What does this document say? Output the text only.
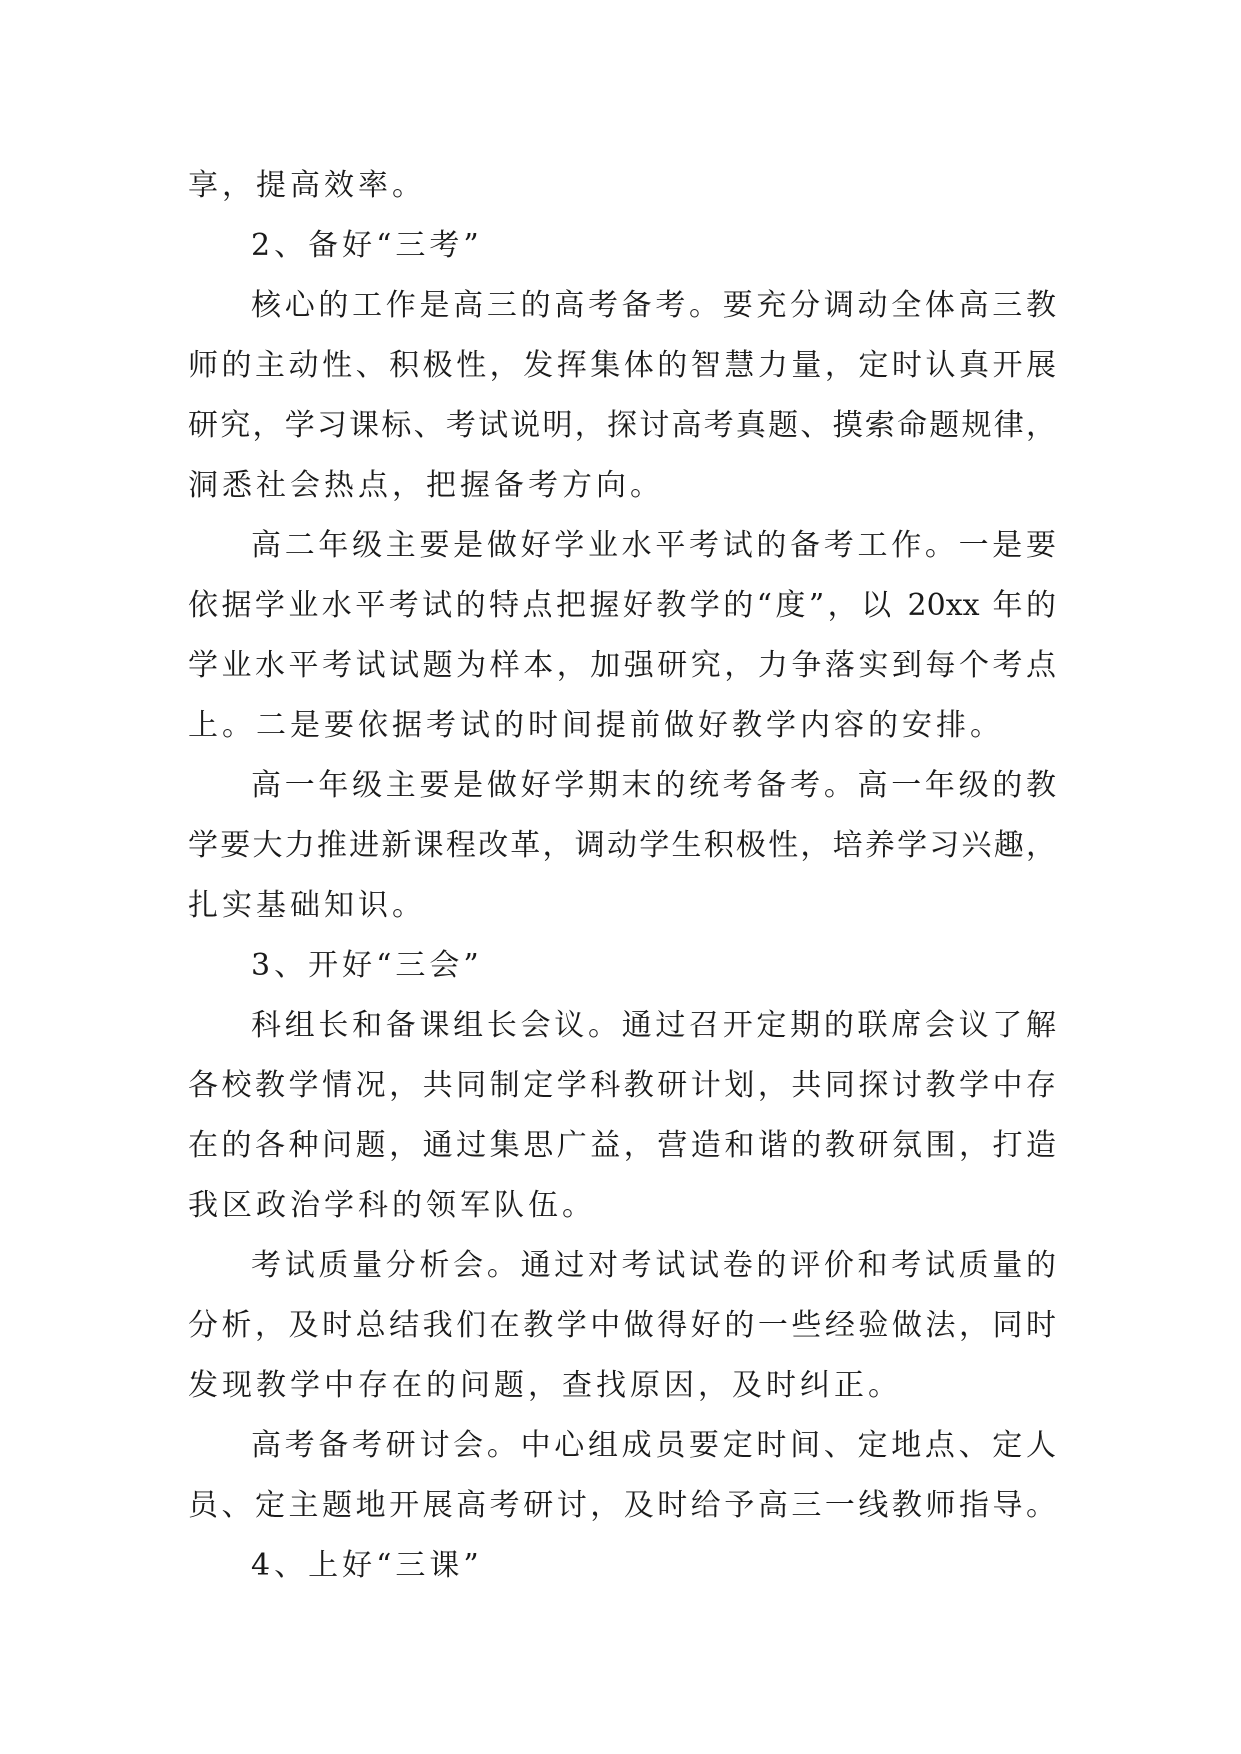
享，提高效率。
2、备好“三考”
核心的工作是高三的高考备考。要充分调动全体高三教
师的主动性、积极性，发挥集体的智慧力量，定时认真开展
研究，学习课标、考试说明，探讨高考真题、摸索命题规律，
洞悉社会热点，把握备考方向。
高二年级主要是做好学业水平考试的备考工作。一是要
依据学业水平考试的特点把握好教学的“度”，以 20xx 年的
学业水平考试试题为样本，加强研究，力争落实到每个考点
上。二是要依据考试的时间提前做好教学内容的安排。
高一年级主要是做好学期末的统考备考。高一年级的教
学要大力推进新课程改革，调动学生积极性，培养学习兴趣，
扎实基础知识。
3、开好“三会”
科组长和备课组长会议。通过召开定期的联席会议了解
各校教学情况，共同制定学科教研计划，共同探讨教学中存
在的各种问题，通过集思广益，营造和谐的教研氛围，打造
我区政治学科的领军队伍。
考试质量分析会。通过对考试试卷的评价和考试质量的
分析，及时总结我们在教学中做得好的一些经验做法，同时
发现教学中存在的问题，查找原因，及时纠正。
高考备考研讨会。中心组成员要定时间、定地点、定人
员、定主题地开展高考研讨，及时给予高三一线教师指导。
4、上好“三课”
